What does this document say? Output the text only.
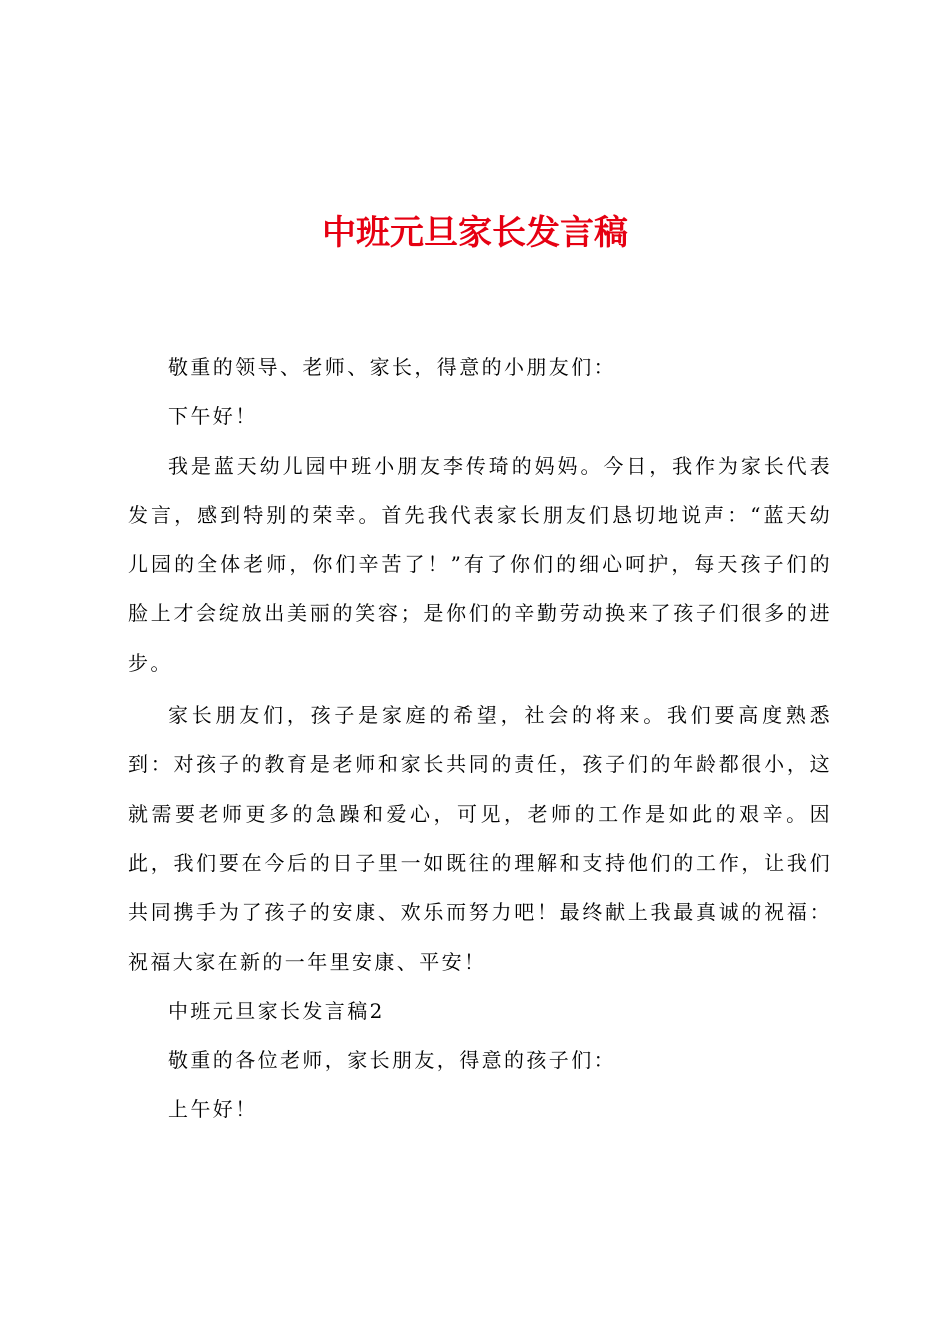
中班元旦家长发言稿

敬重的领导、老师、家长，得意的小朋友们：

下午好！

我是蓝天幼儿园中班小朋友李传琦的妈妈。今日，我作为家长代表发言，感到特别的荣幸。首先我代表家长朋友们恳切地说声：“蓝天幼儿园的全体老师，你们辛苦了！”有了你们的细心呵护，每天孩子们的脸上才会绽放出美丽的笑容；是你们的辛勤劳动换来了孩子们很多的进步。

家长朋友们，孩子是家庭的希望，社会的将来。我们要高度熟悉到：对孩子的教育是老师和家长共同的责任，孩子们的年龄都很小，这就需要老师更多的急躁和爱心，可见，老师的工作是如此的艰辛。因此，我们要在今后的日子里一如既往的理解和支持他们的工作，让我们共同携手为了孩子的安康、欢乐而努力吧！最终献上我最真诚的祝福：祝福大家在新的一年里安康、平安！

中班元旦家长发言稿2

敬重的各位老师，家长朋友，得意的孩子们：

上午好！
